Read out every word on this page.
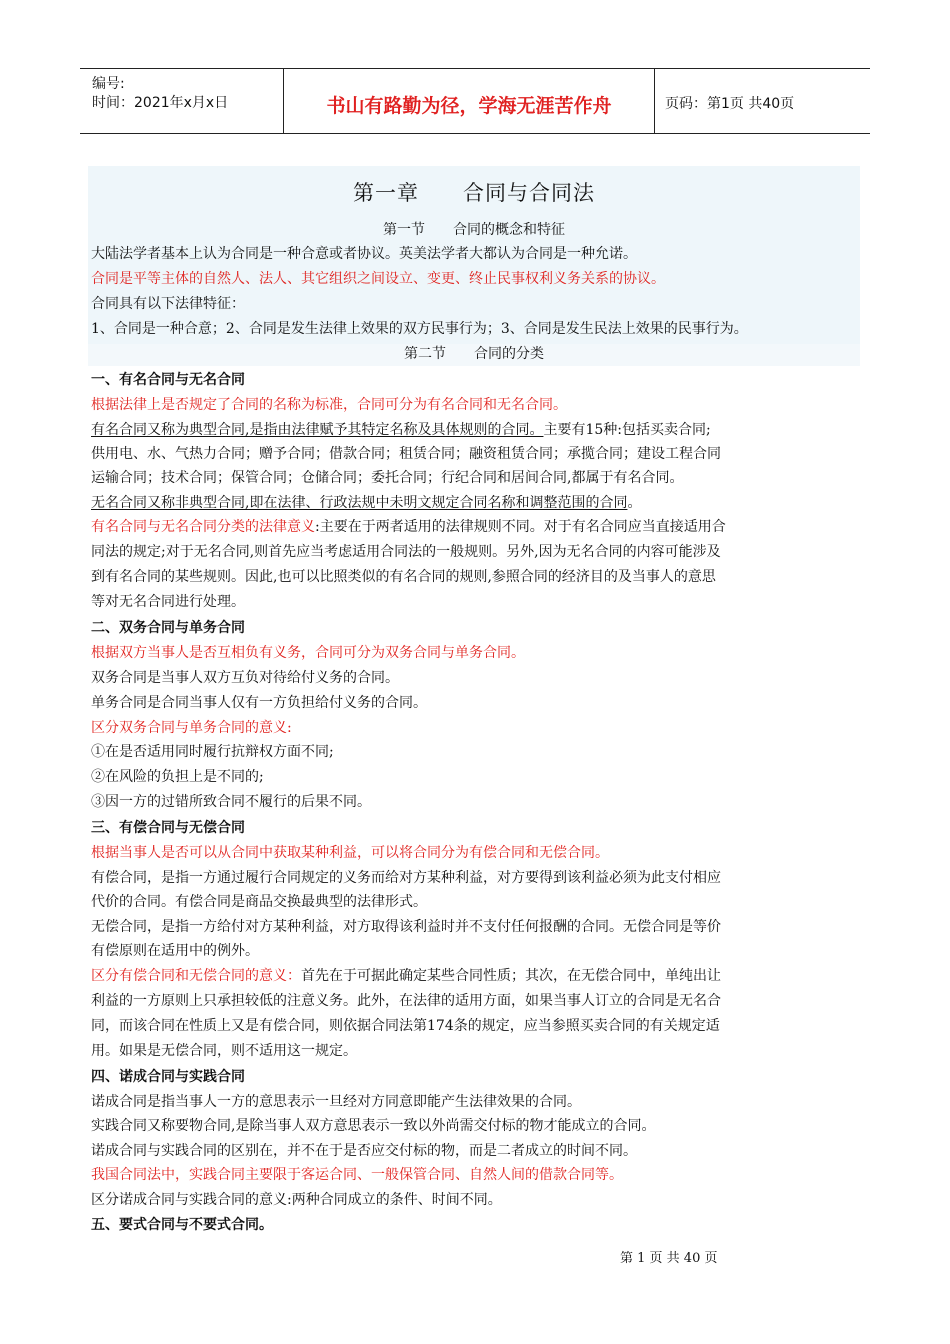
编号:
时间：2021年x月x日	书山有路勤为径，学海无涯苦作舟	页码：第1页 共40页
第一章　　合同与合同法
第一节　　合同的概念和特征
大陆法学者基本上认为合同是一种合意或者协议。英美法学者大都认为合同是一种允诺。
合同是平等主体的自然人、法人、其它组织之间设立、变更、终止民事权利义务关系的协议。
合同具有以下法律特征：
1、合同是一种合意；2、合同是发生法律上效果的双方民事行为；3、合同是发生民法上效果的民事行为。
第二节　　合同的分类
一、有名合同与无名合同
根据法律上是否规定了合同的名称为标准，合同可分为有名合同和无名合同。
有名合同又称为典型合同,是指由法律赋予其特定名称及具体规则的合同。主要有15种:包括买卖合同;
供用电、水、气热力合同；赠予合同；借款合同；租赁合同；融资租赁合同；承揽合同；建设工程合同
运输合同；技术合同；保管合同；仓储合同；委托合同；行纪合同和居间合同,都属于有名合同。
无名合同又称非典型合同,即在法律、行政法规中未明文规定合同名称和调整范围的合同。
有名合同与无名合同分类的法律意义:主要在于两者适用的法律规则不同。对于有名合同应当直接适用合
同法的规定;对于无名合同,则首先应当考虑适用合同法的一般规则。另外,因为无名合同的内容可能涉及
到有名合同的某些规则。因此,也可以比照类似的有名合同的规则,参照合同的经济目的及当事人的意思
等对无名合同进行处理。
二、双务合同与单务合同
根据双方当事人是否互相负有义务，合同可分为双务合同与单务合同。
双务合同是当事人双方互负对待给付义务的合同。
单务合同是合同当事人仅有一方负担给付义务的合同。
区分双务合同与单务合同的意义:
①在是否适用同时履行抗辩权方面不同;
②在风险的负担上是不同的;
③因一方的过错所致合同不履行的后果不同。
三、有偿合同与无偿合同
根据当事人是否可以从合同中获取某种利益，可以将合同分为有偿合同和无偿合同。
有偿合同，是指一方通过履行合同规定的义务而给对方某种利益，对方要得到该利益必须为此支付相应
代价的合同。有偿合同是商品交换最典型的法律形式。
无偿合同，是指一方给付对方某种利益，对方取得该利益时并不支付任何报酬的合同。无偿合同是等价
有偿原则在适用中的例外。
区分有偿合同和无偿合同的意义：首先在于可据此确定某些合同性质；其次，在无偿合同中，单纯出让
利益的一方原则上只承担较低的注意义务。此外，在法律的适用方面，如果当事人订立的合同是无名合
同，而该合同在性质上又是有偿合同，则依据合同法第174条的规定，应当参照买卖合同的有关规定适
用。如果是无偿合同，则不适用这一规定。
四、诺成合同与实践合同
诺成合同是指当事人一方的意思表示一旦经对方同意即能产生法律效果的合同。
实践合同又称要物合同,是除当事人双方意思表示一致以外尚需交付标的物才能成立的合同。
诺成合同与实践合同的区别在，并不在于是否应交付标的物，而是二者成立的时间不同。
我国合同法中，实践合同主要限于客运合同、一般保管合同、自然人间的借款合同等。
区分诺成合同与实践合同的意义:两种合同成立的条件、时间不同。
五、要式合同与不要式合同。
第 1 页 共 40 页
